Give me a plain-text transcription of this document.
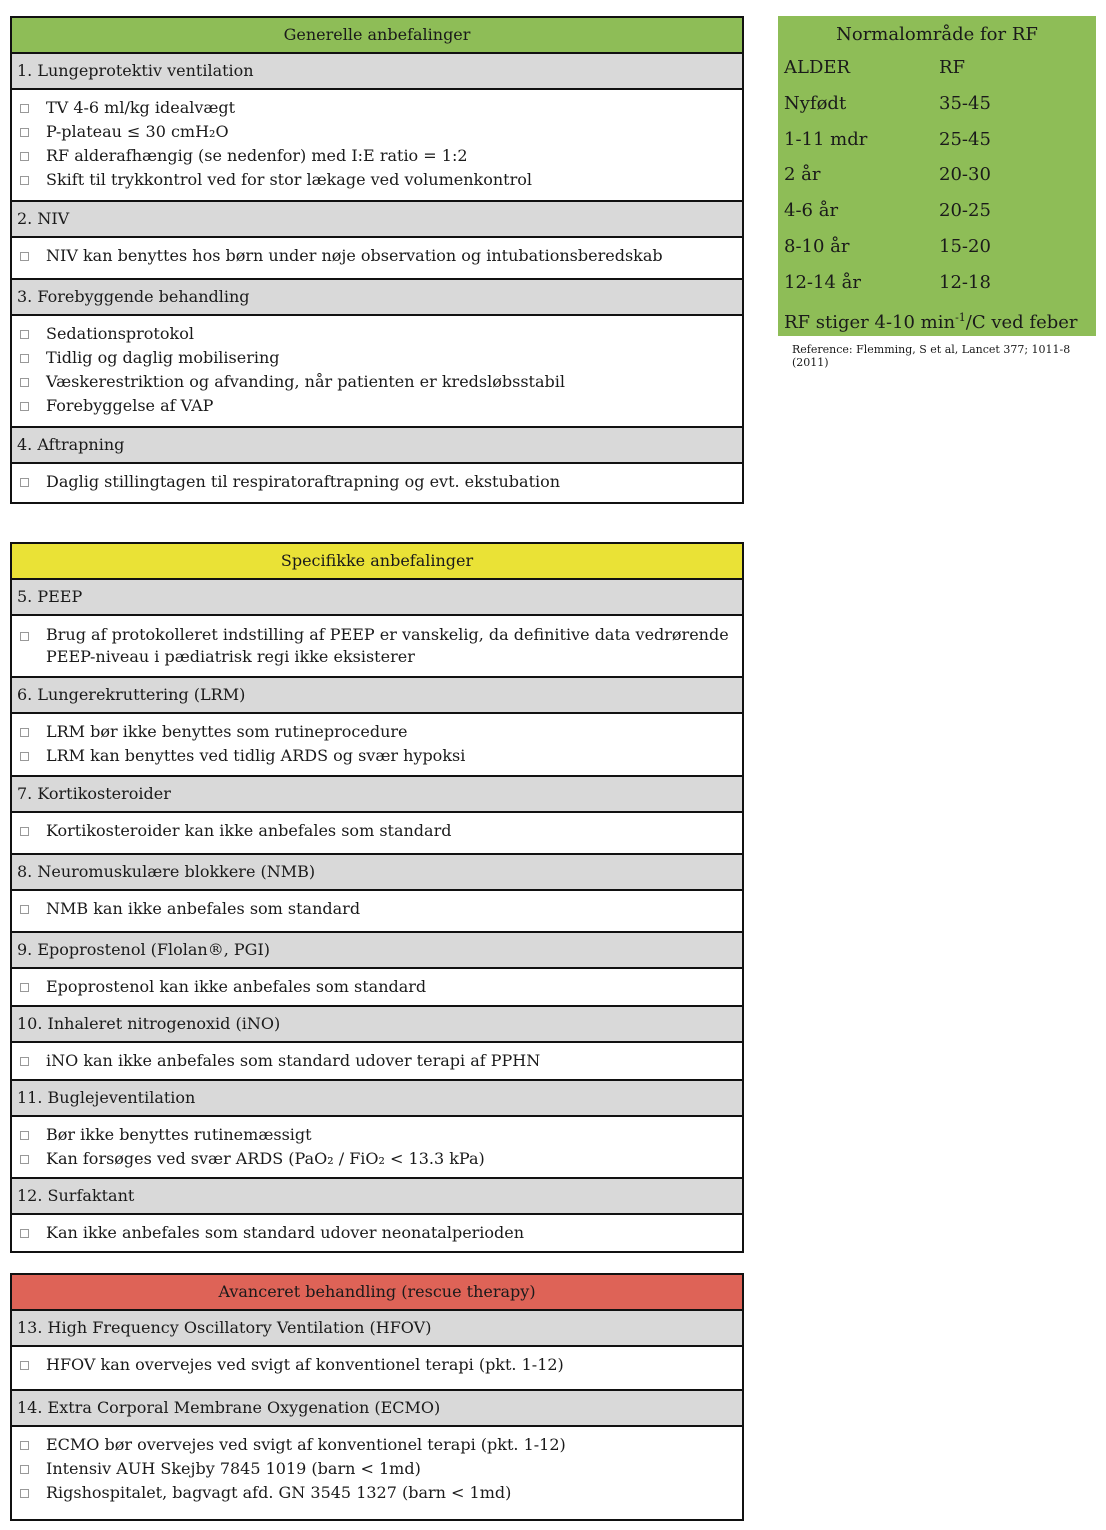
Generelle anbefalinger
1. Lungeprotektiv ventilation
TV 4-6 ml/kg idealvægt
P-plateau ≤ 30 cmH₂O
RF alderafhængig (se nedenfor) med I:E ratio = 1:2
Skift til trykkontrol ved for stor lækage ved volumenkontrol
2. NIV
NIV kan benyttes hos børn under nøje observation og intubationsberedskab
3. Forebyggende behandling
Sedationsprotokol
Tidlig og daglig mobilisering
Væskerestriktion og afvanding, når patienten er kredsløbsstabil
Forebyggelse af VAP
4. Aftrapning
Daglig stillingtagen til respiratoraftrapning og evt. ekstubation
Specifikke anbefalinger
5. PEEP
Brug af protokolleret indstilling af PEEP er vanskelig, da definitive data vedrørende PEEP-niveau i pædiatrisk regi ikke eksisterer
6. Lungerekruttering (LRM)
LRM bør ikke benyttes som rutineprocedure
LRM kan benyttes ved tidlig ARDS og svær hypoksi
7. Kortikosteroider
Kortikosteroider kan ikke anbefales som standard
8. Neuromuskulære blokkere (NMB)
NMB kan ikke anbefales som standard
9. Epoprostenol (Flolan®, PGI)
Epoprostenol kan ikke anbefales som standard
10. Inhaleret nitrogenoxid (iNO)
iNO kan ikke anbefales som standard udover terapi af PPHN
11. Buglejeventilation
Bør ikke benyttes rutinemæssigt
Kan forsøges ved svær ARDS (PaO₂ / FiO₂ < 13.3 kPa)
12. Surfaktant
Kan ikke anbefales som standard udover neonatalperioden
Avanceret behandling (rescue therapy)
13. High Frequency Oscillatory Ventilation (HFOV)
HFOV kan overvejes ved svigt af konventionel terapi (pkt. 1-12)
14. Extra Corporal Membrane Oxygenation (ECMO)
ECMO bør overvejes ved svigt af konventionel terapi (pkt. 1-12)
Intensiv AUH Skejby 7845 1019 (barn < 1md)
Rigshospitalet, bagvagt afd. GN 3545 1327 (barn < 1md)
Normalområde for RF
ALDER	RF
Nyfødt	35-45
1-11 mdr	25-45
2 år	20-30
4-6 år	20-25
8-10 år	15-20
12-14 år	12-18
RF stiger 4-10 $\min^{-1}/C$ ved feber
Reference: Flemming, S et al, Lancet 377; 1011-8 (2011)
